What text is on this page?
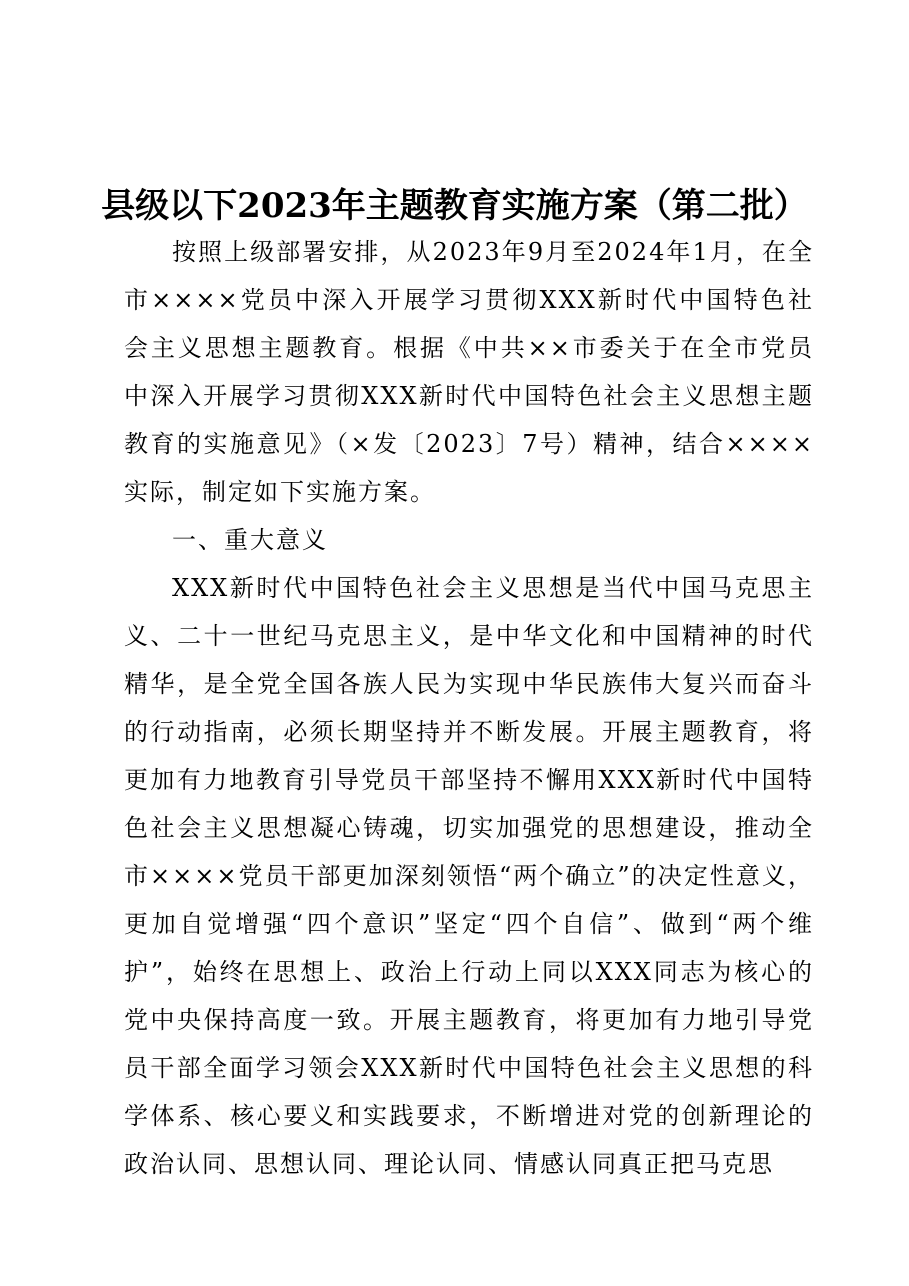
县级以下2023年主题教育实施方案（第二批）

按照上级部署安排，从2023年9月至2024年1月，在全市××××党员中深入开展学习贯彻XXX新时代中国特色社会主义思想主题教育。根据《中共××市委关于在全市党员中深入开展学习贯彻XXX新时代中国特色社会主义思想主题教育的实施意见》（×发〔2023〕7号）精神，结合××××实际，制定如下实施方案。

一、重大意义

XXX新时代中国特色社会主义思想是当代中国马克思主义、二十一世纪马克思主义，是中华文化和中国精神的时代精华，是全党全国各族人民为实现中华民族伟大复兴而奋斗的行动指南，必须长期坚持并不断发展。开展主题教育，将更加有力地教育引导党员干部坚持不懈用XXX新时代中国特色社会主义思想凝心铸魂，切实加强党的思想建设，推动全市××××党员干部更加深刻领悟“两个确立”的决定性意义，更加自觉增强“四个意识”坚定“四个自信”、做到“两个维护”，始终在思想上、政治上行动上同以XXX同志为核心的党中央保持高度一致。开展主题教育，将更加有力地引导党员干部全面学习领会XXX新时代中国特色社会主义思想的科学体系、核心要义和实践要求，不断增进对党的创新理论的政治认同、思想认同、理论认同、情感认同真正把马克思
